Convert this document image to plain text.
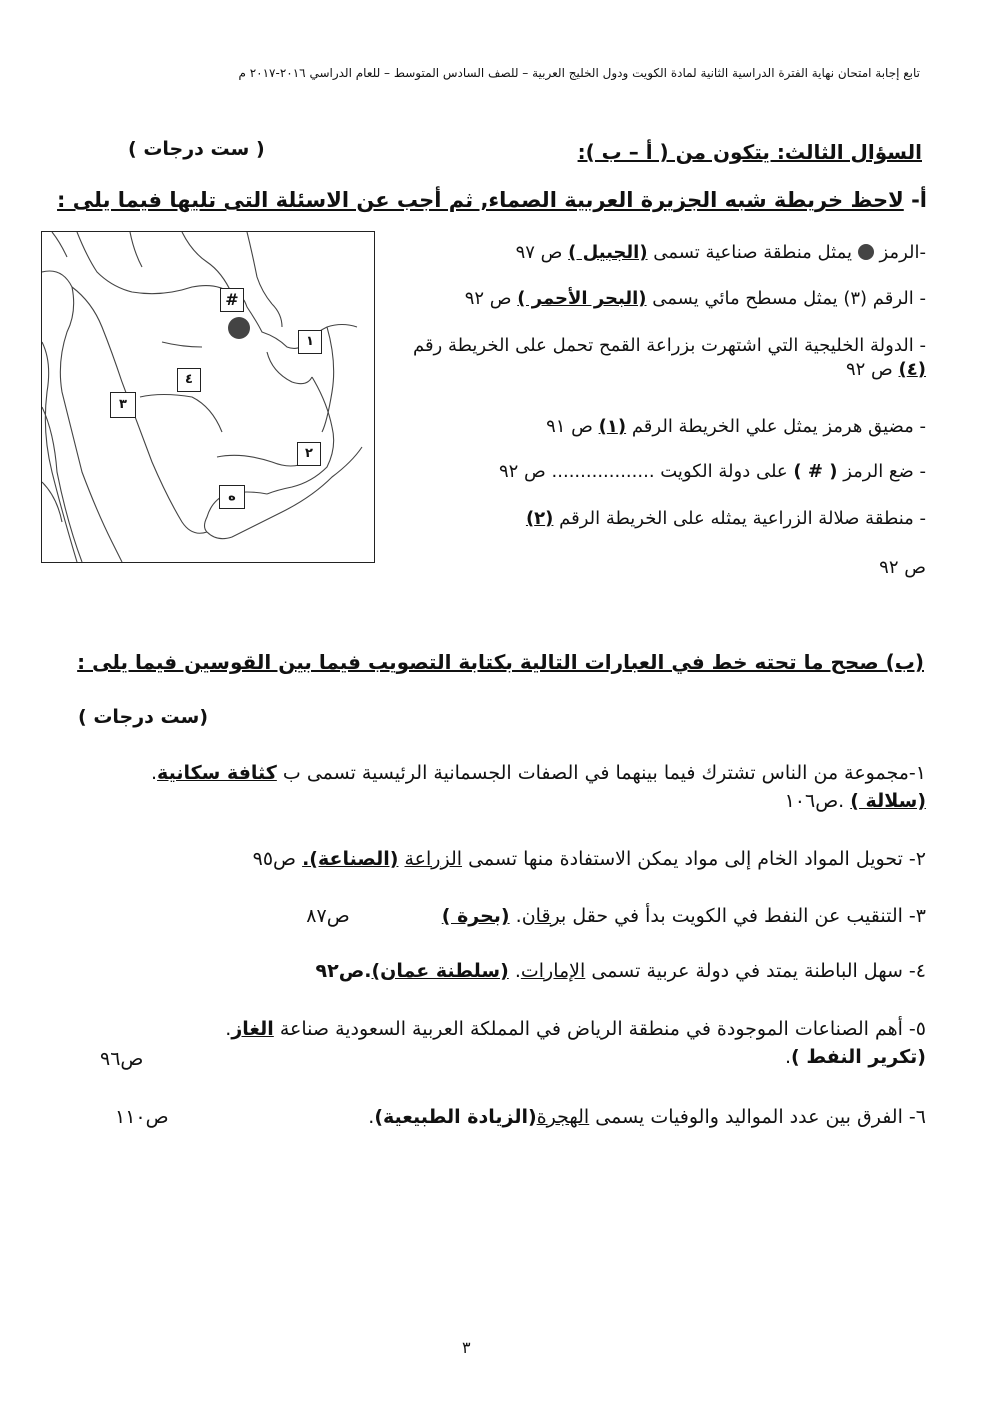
تابع إجابة امتحان نهاية الفترة الدراسية الثانية لمادة الكويت ودول الخليج العربية – للصف السادس المتوسط – للعام الدراسي ٢٠١٦-٢٠١٧ م
السؤال الثالث: يتكون من ( أ – ب ):
( ست درجات )
أ- لاحظ خريطة شبه الجزيرة العربية الصماء, ثم أجب عن الاسئلة التى تليها فيما يلى :
-الرمز  يمثل منطقة صناعية تسمى (الجبيل ) ص ٩٧
- الرقم (٣) يمثل مسطح مائي يسمى (البحر الأحمر ) ص ٩٢
- الدولة الخليجية التي اشتهرت بزراعة القمح تحمل على الخريطة رقم (٤) ص ٩٢
- مضيق هرمز يمثل علي الخريطة الرقم (١) ص ٩١
- ضع الرمز ( # ) على دولة الكويت .................. ص ٩٢
- منطقة صلالة الزراعية يمثله على الخريطة الرقم (٢)
ص ٩٢
#
١
٤
٣
٢
ه
(ب) صحح ما تحته خط في العبارات التالية بكتابة التصويب فيما بين القوسين فيما يلى :
( ست درجات)
١-مجموعة من الناس تشترك فيما بينهما في الصفات الجسمانية الرئيسية تسمى ب كثافة سكانية.
(سلالة ) .ص١٠٦
٢- تحويل المواد الخام إلى مواد يمكن الاستفادة منها تسمى الزراعة (الصناعة). ص٩٥
٣- التنقيب عن النفط في الكويت بدأ في حقل برقان. (بحرة )  ص٨٧
٤- سهل الباطنة يمتد في دولة عربية تسمى الإمارات. (سلطنة عمان).ص٩٢
٥- أهم الصناعات الموجودة في منطقة الرياض في المملكة العربية السعودية صناعة الغاز.
(تكرير النفط ).
ص٩٦
٦- الفرق بين عدد المواليد والوفيات يسمى الهجرة(الزيادة الطبيعية).
ص١١٠
٣
